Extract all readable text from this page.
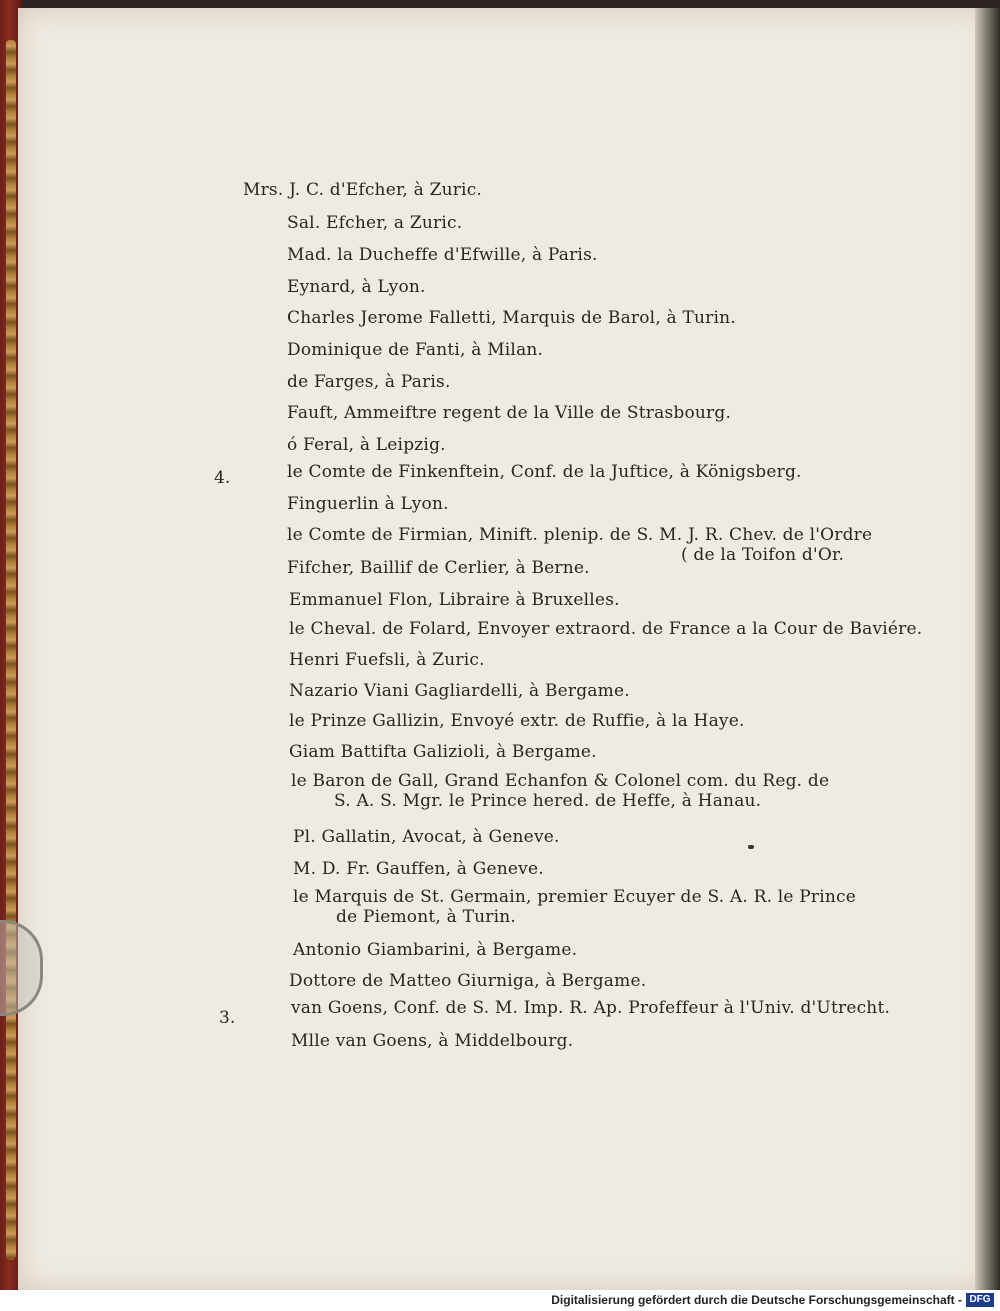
Mrs. J. C. d'Efcher, à Zuric.
Sal. Efcher, a Zuric.
Mad. la Ducheffe d'Efwille, à Paris.
Eynard, à Lyon.
Charles Jerome Falletti, Marquis de Barol, à Turin.
Dominique de Fanti, à Milan.
de Farges, à Paris.
Fauft, Ammeiftre regent de la Ville de Strasbourg.
ó Feral, à Leipzig.
4.	le Comte de Finkenftein, Conf. de la Juftice, à Königsberg.
Finguerlin à Lyon.
le Comte de Firmian, Minift. plenip. de S. M. J. R. Chev. de l'Ordre
( de la Toifon d'Or.
Fifcher, Baillif de Cerlier, à Berne.
Emmanuel Flon, Libraire à Bruxelles.
le Cheval. de Folard, Envoyer extraord. de France a la Cour de Baviére.
Henri Fuefsli, à Zuric.
Nazario Viani Gagliardelli, à Bergame.
le Prinze Gallizin, Envoyé extr. de Ruffie, à la Haye.
Giam Battifta Galizioli, à Bergame.
le Baron de Gall, Grand Echanfon & Colonel com. du Reg. de
S. A. S. Mgr. le Prince hered. de Heffe, à Hanau.
Pl. Gallatin, Avocat, à Geneve.
M. D. Fr. Gauffen, à Geneve.
le Marquis de St. Germain, premier Ecuyer de S. A. R. le Prince
de Piemont, à Turin.
Antonio Giambarini, à Bergame.
Dottore de Matteo Giurniga, à Bergame.
3.	van Goens, Conf. de S. M. Imp. R. Ap. Profeffeur à l'Univ. d'Utrecht.
Mlle van Goens, à Middelbourg.
Digitalisierung gefördert durch die Deutsche Forschungsgemeinschaft - DFG
